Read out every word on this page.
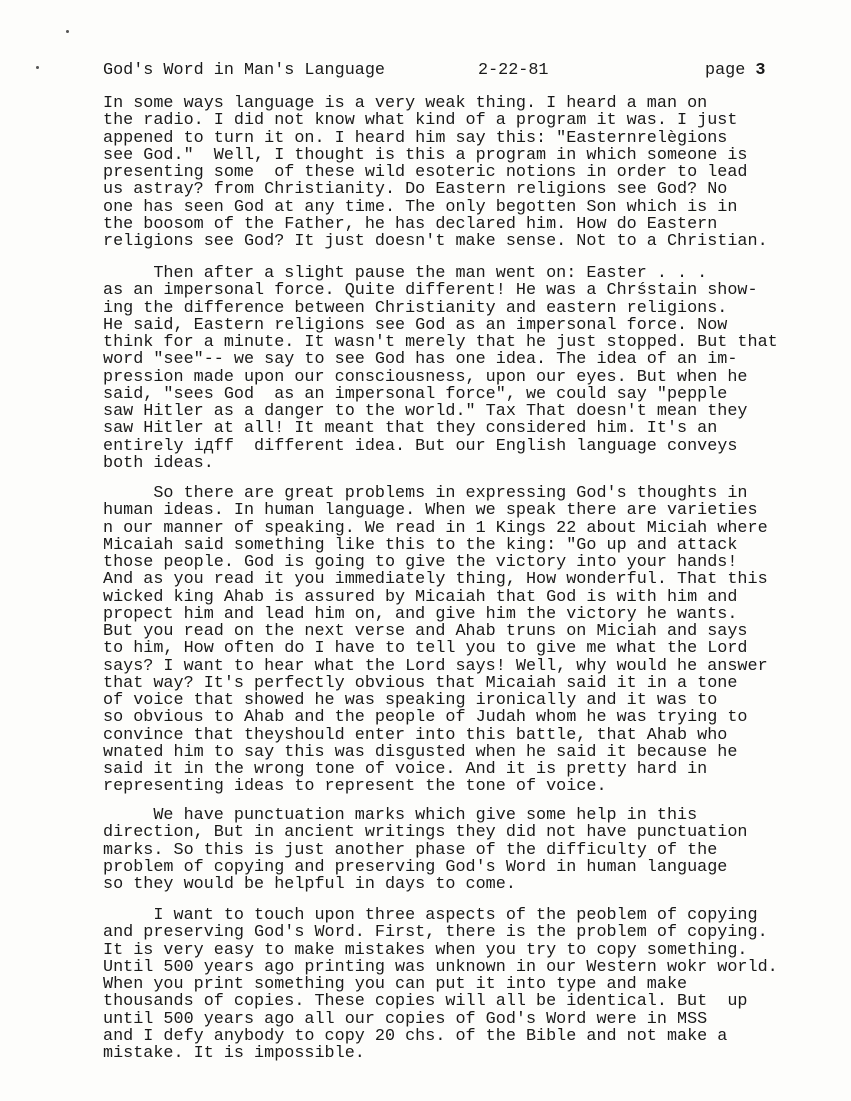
God's Word in Man's Language	2-22-81	page 3
In some ways language is a very weak thing. I heard a man on
the radio. I did not know what kind of a program it was. I just
appened to turn it on. I heard him say this: "Easternrelègions
see God."  Well, I thought is this a program in which someone is
presenting some  of these wild esoteric notions in order to lead
us astray? from Christianity. Do Eastern religions see God? No
one has seen God at any time. The only begotten Son which is in
the boosom of the Father, he has declared him. How do Eastern
religions see God? It just doesn't make sense. Not to a Christian.
Then after a slight pause the man went on: Easter . . .
as an impersonal force. Quite different! He was a Chrśstain show-
ing the difference between Christianity and eastern religions.
He said, Eastern religions see God as an impersonal force. Now
think for a minute. It wasn't merely that he just stopped. But that
word "see"-- we say to see God has one idea. The idea of an im-
pression made upon our consciousness, upon our eyes. But when he
said, "sees God  as an impersonal force", we could say "pepple
saw Hitler as a danger to the world." Tax That doesn't mean they
saw Hitler at all! It meant that they considered him. It's an
entirely iдff  different idea. But our English language conveys
both ideas.
So there are great problems in expressing God's thoughts in
human ideas. In human language. When we speak there are varieties
n our manner of speaking. We read in 1 Kings 22 about Miciah where
Micaiah said something like this to the king: "Go up and attack
those people. God is going to give the victory into your hands!
And as you read it you immediately thing, How wonderful. That this
wicked king Ahab is assured by Micaiah that God is with him and
propect him and lead him on, and give him the victory he wants.
But you read on the next verse and Ahab truns on Miciah and says
to him, How often do I have to tell you to give me what the Lord
says? I want to hear what the Lord says! Well, why would he answer
that way? It's perfectly obvious that Micaiah said it in a tone
of voice that showed he was speaking ironically and it was to
so obvious to Ahab and the people of Judah whom he was trying to
convince that theyshould enter into this battle, that Ahab who
wnated him to say this was disgusted when he said it because he
said it in the wrong tone of voice. And it is pretty hard in
representing ideas to represent the tone of voice.
We have punctuation marks which give some help in this
direction, But in ancient writings they did not have punctuation
marks. So this is just another phase of the difficulty of the
problem of copying and preserving God's Word in human language
so they would be helpful in days to come.
I want to touch upon three aspects of the peoblem of copying
and preserving God's Word. First, there is the problem of copying.
It is very easy to make mistakes when you try to copy something.
Until 500 years ago printing was unknown in our Western wokr world.
When you print something you can put it into type and make
thousands of copies. These copies will all be identical. But  up
until 500 years ago all our copies of God's Word were in MSS
and I defy anybody to copy 20 chs. of the Bible and not make a
mistake. It is impossible.
